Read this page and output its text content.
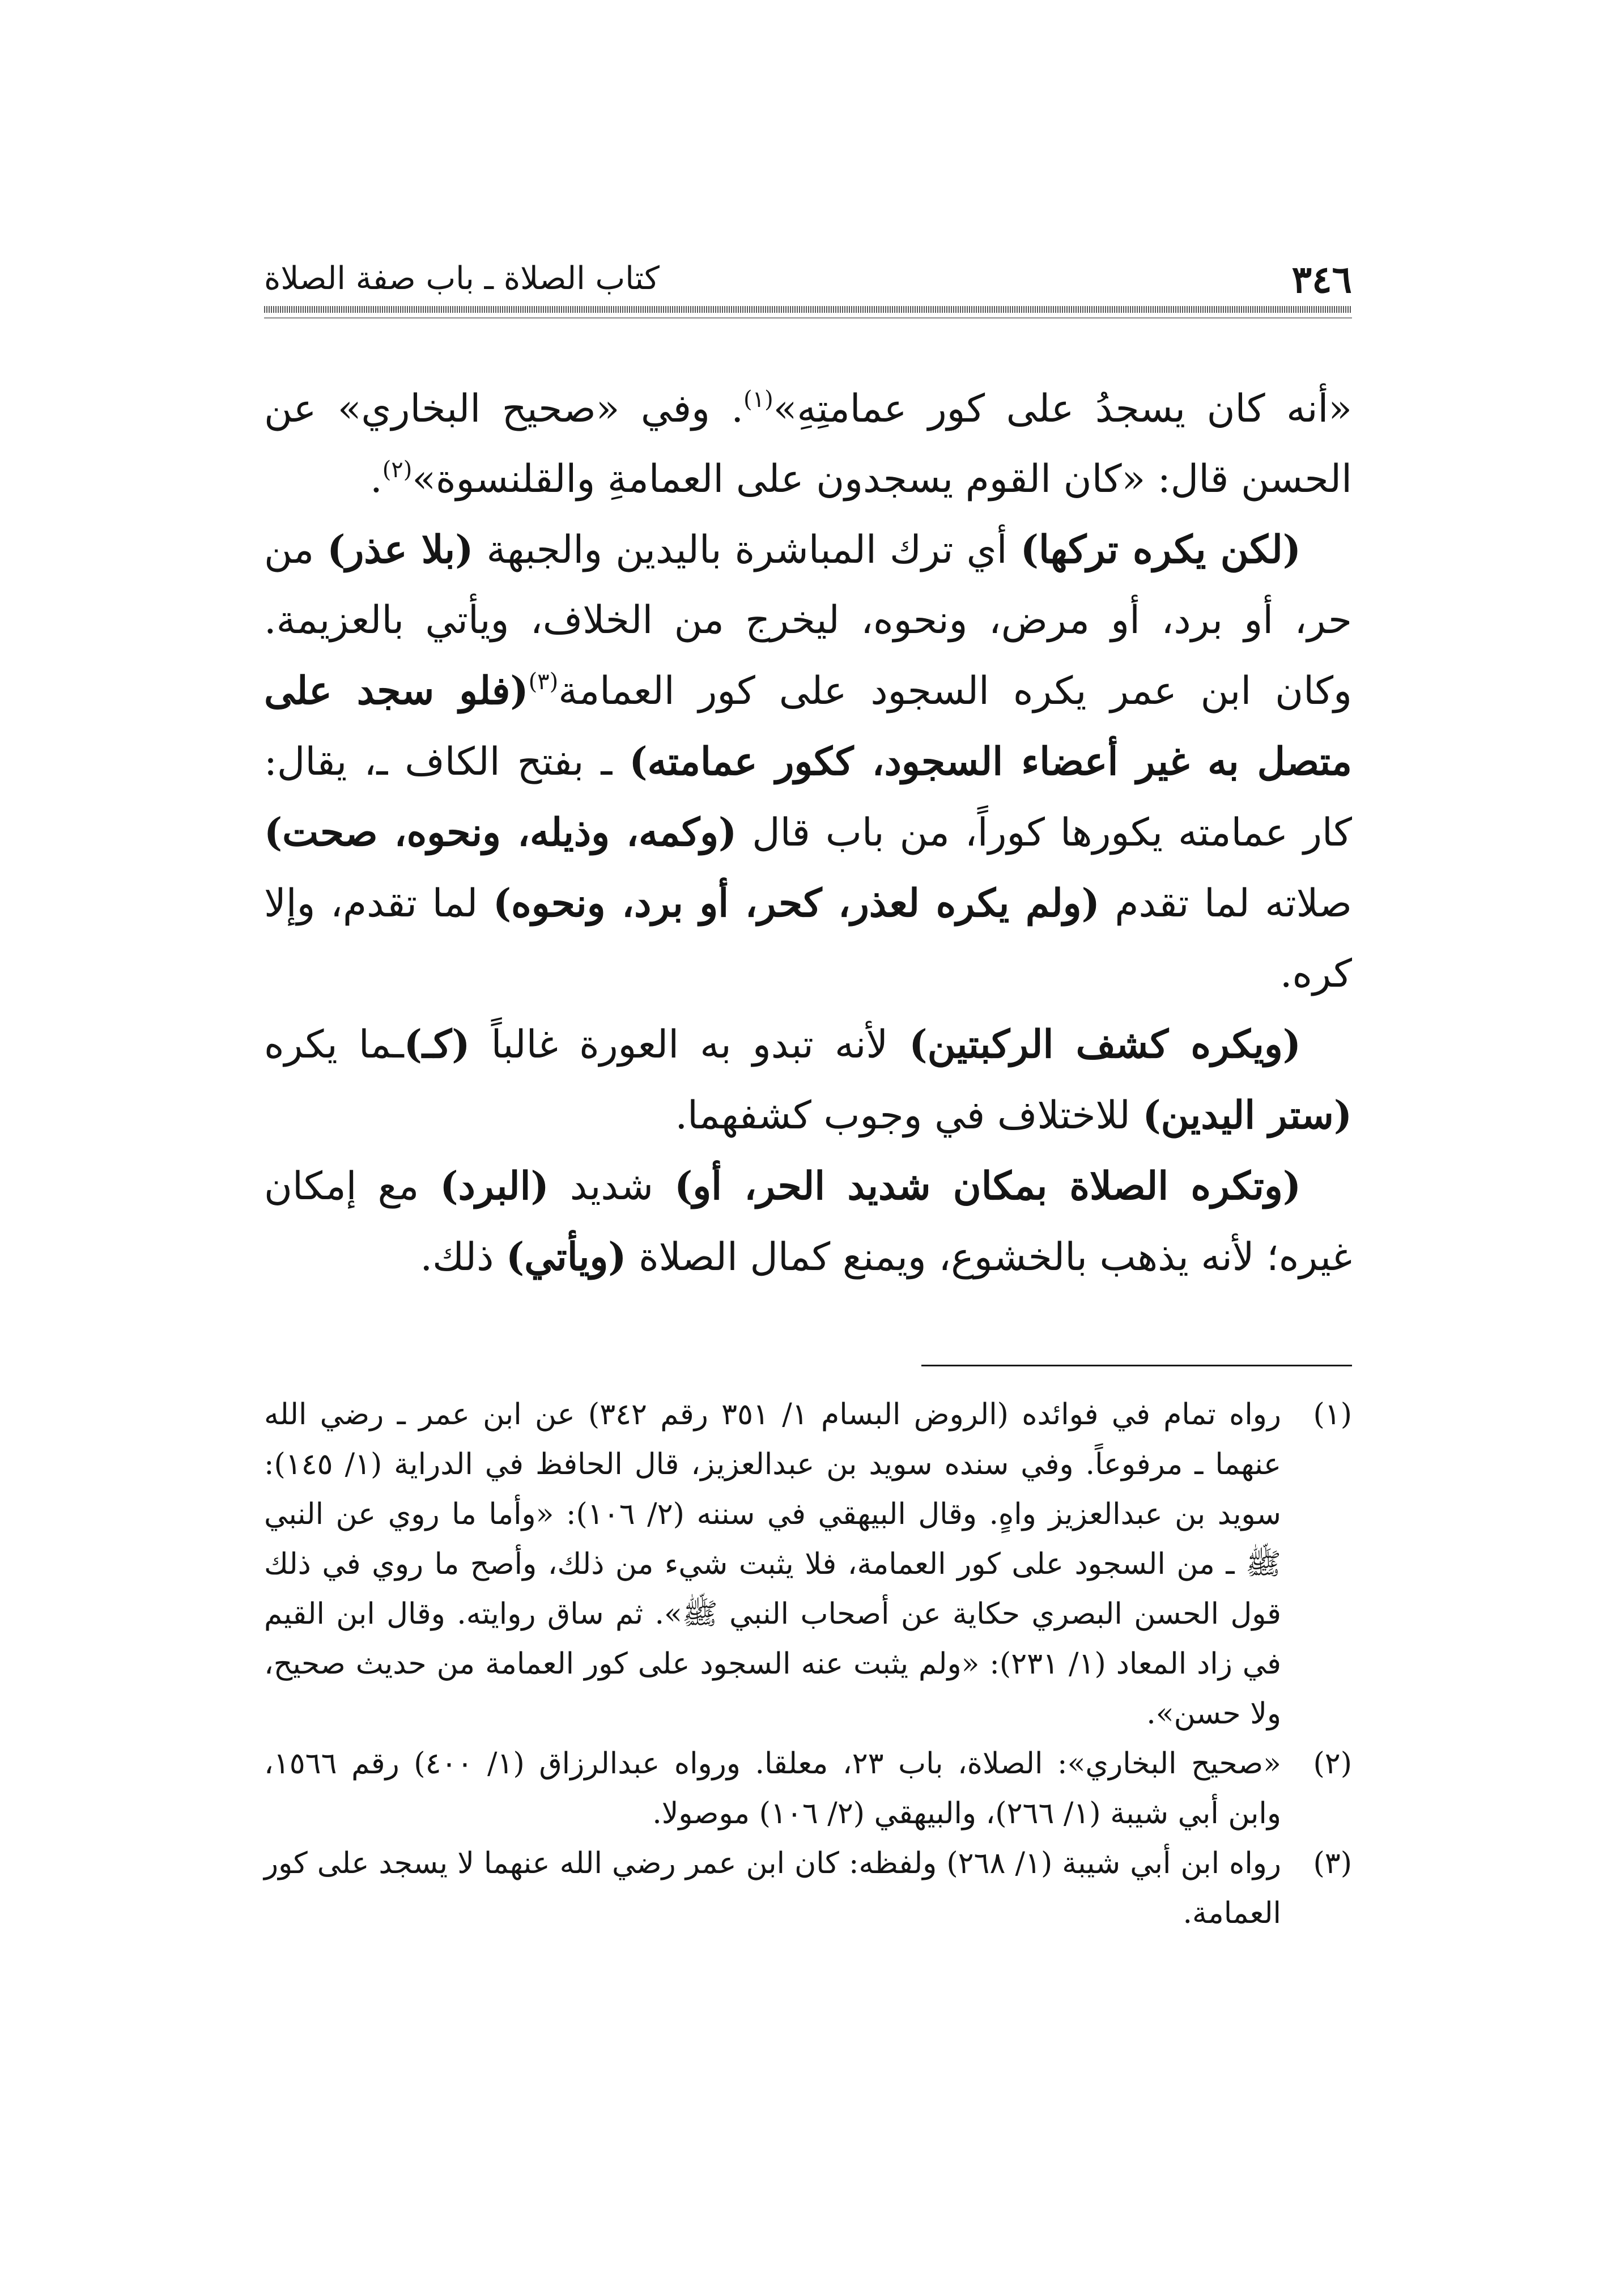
٣٤٦
كتاب الصلاة ـ باب صفة الصلاة

«أنه كان يسجدُ على كور عمامتِهِ»$^{(١)}$. وفي «صحيح البخاري» عن الحسن قال: «كان القوم يسجدون على العمامةِ والقلنسوة»$^{(٢)}$.

(لكن يكره تركها) أي ترك المباشرة باليدين والجبهة (بلا عذر) من حر، أو برد، أو مرض، ونحوه، ليخرج من الخلاف، ويأتي بالعزيمة. وكان ابن عمر يكره السجود على كور العمامة$^{(٣)}$(فلو سجد على متصل به غير أعضاء السجود، ككور عمامته) ـ بفتح الكاف ـ، يقال: كار عمامته يكورها كوراً، من باب قال (وكمه، وذيله، ونحوه، صحت) صلاته لما تقدم (ولم يكره لعذر، كحر، أو برد، ونحوه) لما تقدم، وإلا كره.

(ويكره كشف الركبتين) لأنه تبدو به العورة غالباً (كـ)ـما يكره (ستر اليدين) للاختلاف في وجوب كشفهما.

(وتكره الصلاة بمكان شديد الحر، أو) شديد (البرد) مع إمكان غيره؛ لأنه يذهب بالخشوع، ويمنع كمال الصلاة (ويأتي) ذلك.

(١)
رواه تمام في فوائده (الروض البسام ١/ ٣٥١ رقم ٣٤٢) عن ابن عمر ـ رضي الله عنهما ـ مرفوعاً. وفي سنده سويد بن عبدالعزيز، قال الحافظ في الدراية (١/ ١٤٥): سويد بن عبدالعزيز واهٍ. وقال البيهقي في سننه (٢/ ١٠٦): «وأما ما روي عن النبي ﷺ ـ من السجود على كور العمامة، فلا يثبت شيء من ذلك، وأصح ما روي في ذلك قول الحسن البصري حكاية عن أصحاب النبي ﷺ». ثم ساق روايته. وقال ابن القيم في زاد المعاد (١/ ٢٣١): «ولم يثبت عنه السجود على كور العمامة من حديث صحيح، ولا حسن».
(٢)
«صحيح البخاري»: الصلاة، باب ٢٣، معلقا. ورواه عبدالرزاق (١/ ٤٠٠) رقم ١٥٦٦، وابن أبي شيبة (١/ ٢٦٦)، والبيهقي (٢/ ١٠٦) موصولا.
(٣)
رواه ابن أبي شيبة (١/ ٢٦٨) ولفظه: كان ابن عمر رضي الله عنهما لا يسجد على كور العمامة.
